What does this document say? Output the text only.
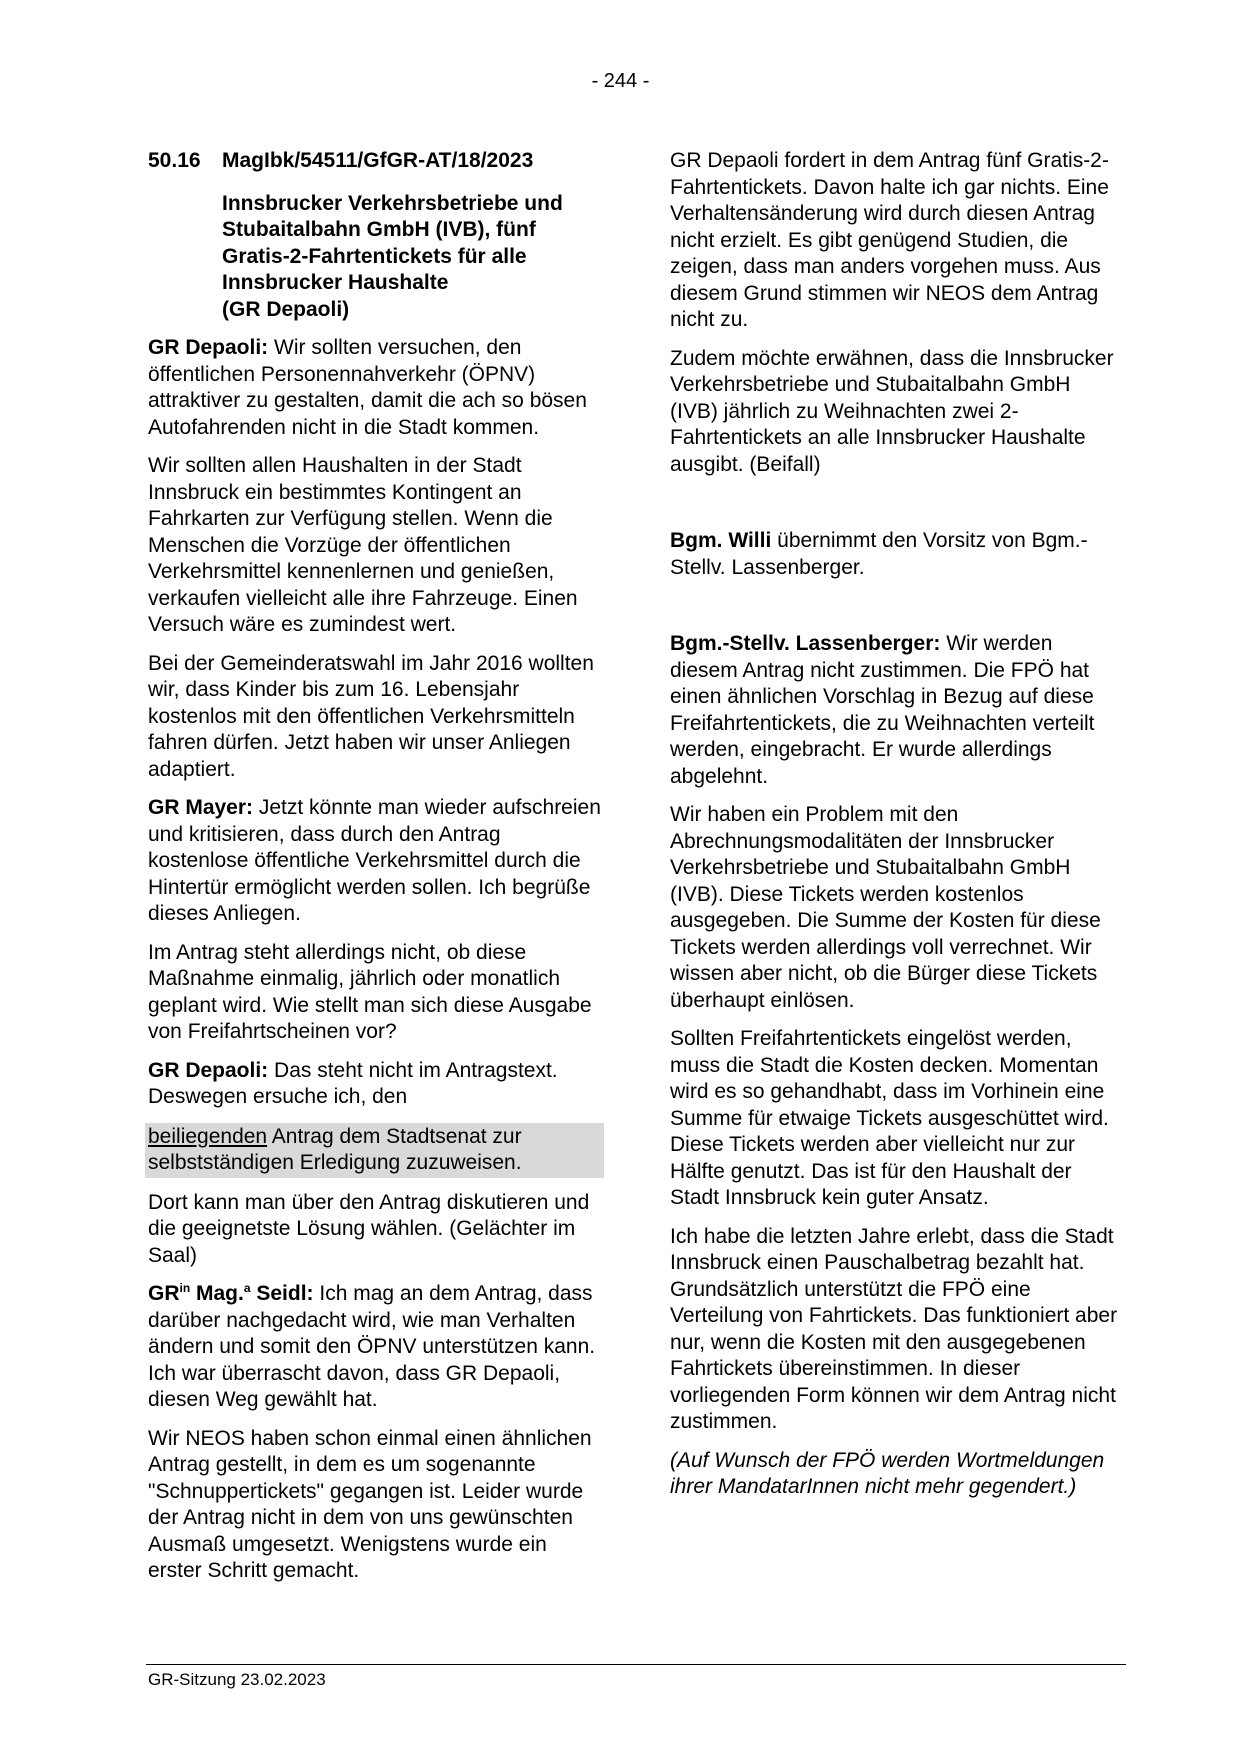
- 244 -
50.16	MagIbk/54511/GfGR-AT/18/2023
Innsbrucker Verkehrsbetriebe und
Stubaitalbahn GmbH (IVB), fünf
Gratis-2-Fahrtentickets für alle
Innsbrucker Haushalte
(GR Depaoli)

GR Depaoli: Wir sollten versuchen, den öffentlichen Personennahverkehr (ÖPNV) attraktiver zu gestalten, damit die ach so bösen Autofahrenden nicht in die Stadt kommen.

Wir sollten allen Haushalten in der Stadt Innsbruck ein bestimmtes Kontingent an Fahrkarten zur Verfügung stellen. Wenn die Menschen die Vorzüge der öffentlichen Verkehrsmittel kennenlernen und genießen, verkaufen vielleicht alle ihre Fahrzeuge. Einen Versuch wäre es zumindest wert.

Bei der Gemeinderatswahl im Jahr 2016 wollten wir, dass Kinder bis zum 16. Lebensjahr kostenlos mit den öffentlichen Verkehrsmitteln fahren dürfen. Jetzt haben wir unser Anliegen adaptiert.

GR Mayer: Jetzt könnte man wieder aufschreien und kritisieren, dass durch den Antrag kostenlose öffentliche Verkehrsmittel durch die Hintertür ermöglicht werden sollen. Ich begrüße dieses Anliegen.

Im Antrag steht allerdings nicht, ob diese Maßnahme einmalig, jährlich oder monatlich geplant wird. Wie stellt man sich diese Ausgabe von Freifahrtscheinen vor?

GR Depaoli: Das steht nicht im Antragstext. Deswegen ersuche ich, den

beiliegenden Antrag dem Stadtsenat zur selbstständigen Erledigung zuzuweisen.

Dort kann man über den Antrag diskutieren und die geeignetste Lösung wählen. (Gelächter im Saal)

$GR^{in}$ Mag.$^a$ Seidl: Ich mag an dem Antrag, dass darüber nachgedacht wird, wie man Verhalten ändern und somit den ÖPNV unterstützen kann. Ich war überrascht davon, dass GR Depaoli, diesen Weg gewählt hat.

Wir NEOS haben schon einmal einen ähnlichen Antrag gestellt, in dem es um sogenannte "Schnuppertickets" gegangen ist. Leider wurde der Antrag nicht in dem von uns gewünschten Ausmaß umgesetzt. Wenigstens wurde ein erster Schritt gemacht.

GR Depaoli fordert in dem Antrag fünf Gratis-2-Fahrtentickets. Davon halte ich gar nichts. Eine Verhaltensänderung wird durch diesen Antrag nicht erzielt. Es gibt genügend Studien, die zeigen, dass man anders vorgehen muss. Aus diesem Grund stimmen wir NEOS dem Antrag nicht zu.

Zudem möchte erwähnen, dass die Innsbrucker Verkehrsbetriebe und Stubaitalbahn GmbH (IVB) jährlich zu Weihnachten zwei 2-Fahrtentickets an alle Innsbrucker Haushalte ausgibt. (Beifall)

Bgm. Willi übernimmt den Vorsitz von Bgm.-Stellv. Lassenberger.

Bgm.-Stellv. Lassenberger: Wir werden diesem Antrag nicht zustimmen. Die FPÖ hat einen ähnlichen Vorschlag in Bezug auf diese Freifahrtentickets, die zu Weihnachten verteilt werden, eingebracht. Er wurde allerdings abgelehnt.

Wir haben ein Problem mit den Abrechnungsmodalitäten der Innsbrucker Verkehrsbetriebe und Stubaitalbahn GmbH (IVB). Diese Tickets werden kostenlos ausgegeben. Die Summe der Kosten für diese Tickets werden allerdings voll verrechnet. Wir wissen aber nicht, ob die Bürger diese Tickets überhaupt einlösen.

Sollten Freifahrtentickets eingelöst werden, muss die Stadt die Kosten decken. Momentan wird es so gehandhabt, dass im Vorhinein eine Summe für etwaige Tickets ausgeschüttet wird. Diese Tickets werden aber vielleicht nur zur Hälfte genutzt. Das ist für den Haushalt der Stadt Innsbruck kein guter Ansatz.

Ich habe die letzten Jahre erlebt, dass die Stadt Innsbruck einen Pauschalbetrag bezahlt hat. Grundsätzlich unterstützt die FPÖ eine Verteilung von Fahrtickets. Das funktioniert aber nur, wenn die Kosten mit den ausgegebenen Fahrtickets übereinstimmen. In dieser vorliegenden Form können wir dem Antrag nicht zustimmen.

(Auf Wunsch der FPÖ werden Wortmeldungen ihrer MandatarInnen nicht mehr gegendert.)

GR-Sitzung 23.02.2023
